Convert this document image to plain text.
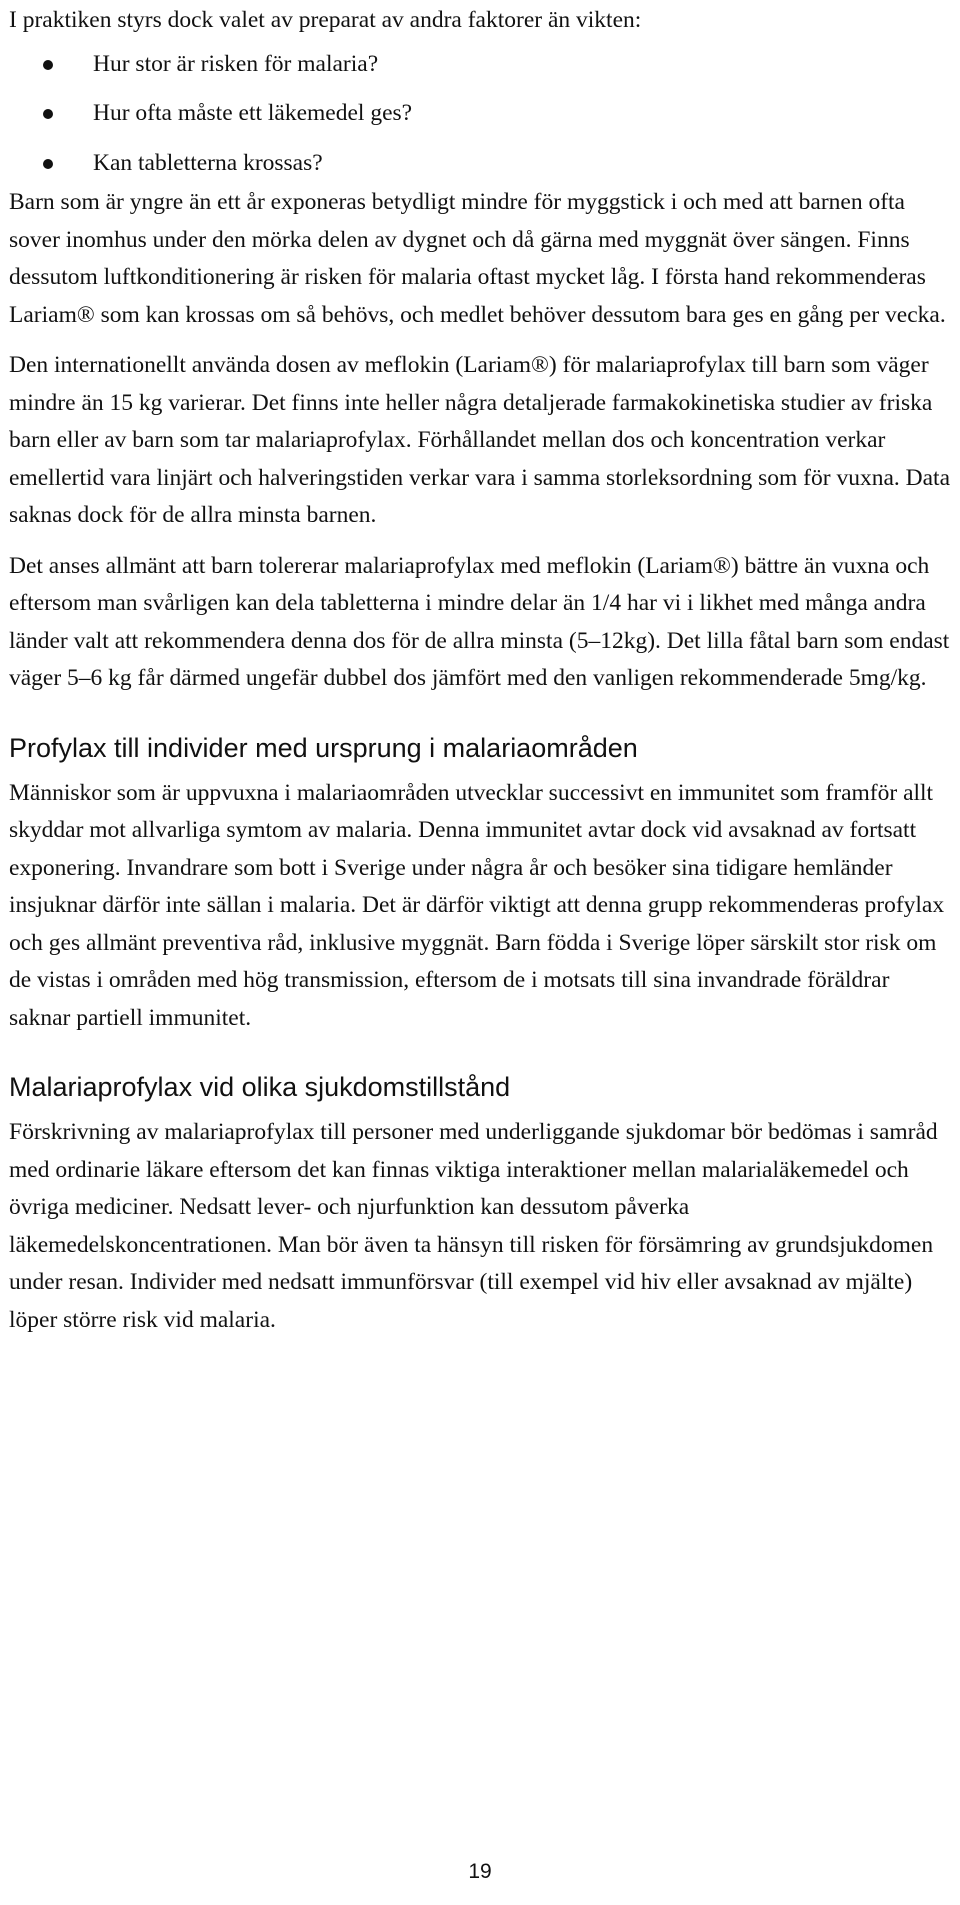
I praktiken styrs dock valet av preparat av andra faktorer än vikten:

Hur stor är risken för malaria?
Hur ofta måste ett läkemedel ges?
Kan tabletterna krossas?

Barn som är yngre än ett år exponeras betydligt mindre för myggstick i och med att barnen ofta sover inomhus under den mörka delen av dygnet och då gärna med myggnät över sängen. Finns dessutom luftkonditionering är risken för malaria oftast mycket låg. I första hand rekommenderas Lariam® som kan krossas om så behövs, och medlet behöver dessutom bara ges en gång per vecka.

Den internationellt använda dosen av meflokin (Lariam®) för malariaprofylax till barn som väger mindre än 15 kg varierar. Det finns inte heller några detaljerade farmakokinetiska studier av friska barn eller av barn som tar malariaprofylax. Förhållandet mellan dos och koncentration verkar emellertid vara linjärt och halveringstiden verkar vara i samma storleksordning som för vuxna. Data saknas dock för de allra minsta barnen.

Det anses allmänt att barn tolererar malariaprofylax med meflokin (Lariam®) bättre än vuxna och eftersom man svårligen kan dela tabletterna i mindre delar än 1/4 har vi i likhet med många andra länder valt att rekommendera denna dos för de allra minsta (5–12kg). Det lilla fåtal barn som endast väger 5–6 kg får därmed ungefär dubbel dos jämfört med den vanligen rekommenderade 5mg/kg.

Profylax till individer med ursprung i malariaområden

Människor som är uppvuxna i malariaområden utvecklar successivt en immunitet som framför allt skyddar mot allvarliga symtom av malaria. Denna immunitet avtar dock vid avsaknad av fortsatt exponering. Invandrare som bott i Sverige under några år och besöker sina tidigare hemländer insjuknar därför inte sällan i malaria. Det är därför viktigt att denna grupp rekommenderas profylax och ges allmänt preventiva råd, inklusive myggnät. Barn födda i Sverige löper särskilt stor risk om de vistas i områden med hög transmission, eftersom de i motsats till sina invandrade föräldrar saknar partiell immunitet.

Malariaprofylax vid olika sjukdomstillstånd

Förskrivning av malariaprofylax till personer med underliggande sjukdomar bör bedömas i samråd med ordinarie läkare eftersom det kan finnas viktiga interaktioner mellan malarialäkemedel och övriga mediciner. Nedsatt lever- och njurfunktion kan dessutom påverka läkemedelskoncentrationen. Man bör även ta hänsyn till risken för försämring av grundsjukdomen under resan. Individer med nedsatt immunförsvar (till exempel vid hiv eller avsaknad av mjälte) löper större risk vid malaria.

19
